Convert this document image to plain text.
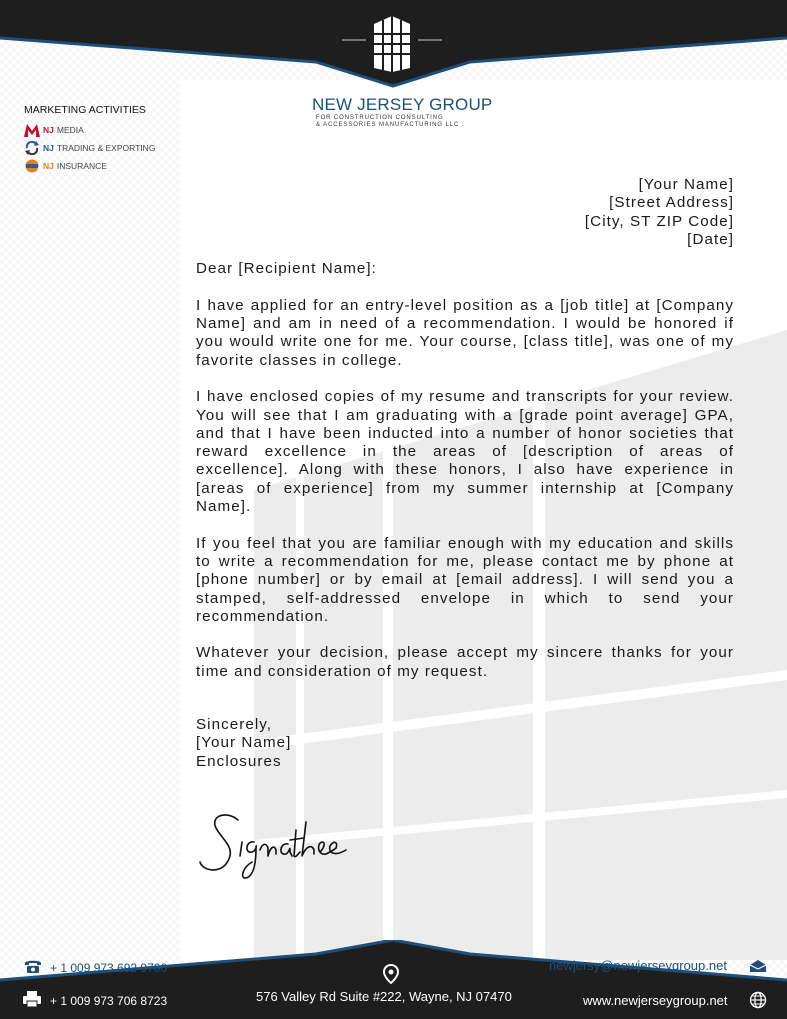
NEW JERSEY GROUP
FOR CONSTRUCTION CONSULTING
& ACCESSORIES MANUFACTURING LLC .
MARKETING ACTIVITIES
NJ MEDIA
NJ TRADING & EXPORTING
NJ INSURANCE
[Your Name]
[Street Address]
[City, ST ZIP Code]
[Date]
Dear [Recipient Name]:
I have applied for an entry-level position as a [job title] at [Company Name] and am in need of a recommendation. I would be honored if you would write one for me. Your course, [class title], was one of my favorite classes in college.
I have enclosed copies of my resume and transcripts for your review. You will see that I am graduating with a [grade point average] GPA, and that I have been inducted into a number of honor societies that reward excellence in the areas of [description of areas of excellence]. Along with these honors, I also have experience in [areas of experience] from my summer internship at [Company Name].
If you feel that you are familiar enough with my education and skills to write a recommendation for me, please contact me by phone at [phone number] or by email at [email address]. I will send you a stamped, self-addressed envelope in which to send your recommendation.
Whatever your decision, please accept my sincere thanks for your time and consideration of my request.
Sincerely,
[Your Name]
Enclosures
+ 1 009 973 692 9700
+ 1 009 973 706 8723	576 Valley Rd Suite #222, Wayne, NJ 07470
newjersy@newjerseygroup.net
www.newjerseygroup.net
